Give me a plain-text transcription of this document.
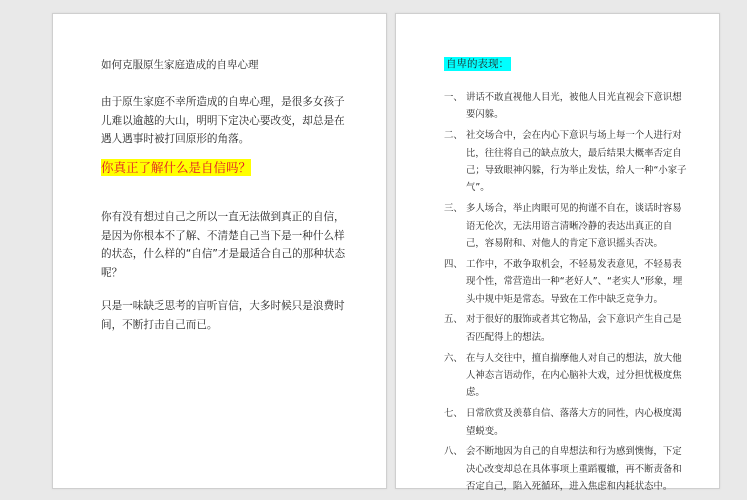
如何克服原生家庭造成的自卑心理

由于原生家庭不幸所造成的自卑心理，是很多女孩子儿难以逾越的大山，明明下定决心要改变，却总是在遇人遇事时被打回原形的角落。

你真正了解什么是自信吗？

你有没有想过自己之所以一直无法做到真正的自信，是因为你根本不了解、不清楚自己当下是一种什么样的状态，什么样的“自信”才是最适合自己的那种状态呢？

只是一味缺乏思考的盲听盲信，大多时候只是浪费时间，不断打击自己而已。

自卑的表现：
一、 讲话不敢直视他人目光，被他人目光直视会下意识想要闪躲。
二、 社交场合中，会在内心下意识与场上每一个人进行对比，往往将自己的缺点放大，最后结果大概率否定自己；导致眼神闪躲，行为举止发怯，给人一种“小家子气”。
三、 多人场合，举止肉眼可见的拘谨不自在，谈话时容易语无伦次，无法用语言清晰冷静的表达出真正的自己，容易附和、对他人的肯定下意识摇头否决。
四、 工作中，不敢争取机会，不轻易发表意见，不轻易表现个性，常营造出一种“老好人”、“老实人”形象，埋头中规中矩是常态。导致在工作中缺乏竞争力。
五、 对于很好的服饰或者其它物品，会下意识产生自己是否匹配得上的想法。
六、 在与人交往中，擅自揣摩他人对自己的想法，放大他人神态言语动作，在内心脑补大戏，过分担忧极度焦虑。
七、 日常欣赏及羡慕自信、落落大方的同性，内心极度渴望蜕变。
八、 会不断地因为自己的自卑想法和行为感到懊悔，下定决心改变却总在具体事项上重蹈覆辙，再不断责备和否定自己，陷入死循环，进入焦虑和内耗状态中。
